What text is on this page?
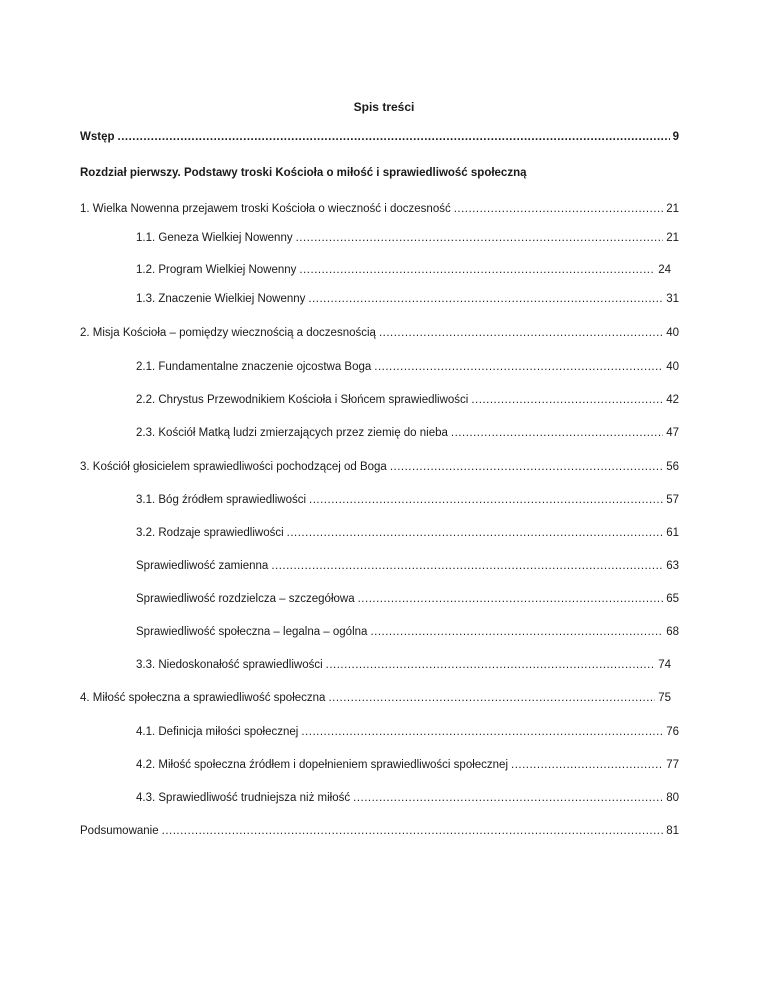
Spis treści
Wstęp .....	9
Rozdział pierwszy. Podstawy troski Kościoła o miłość i sprawiedliwość społeczną
1. Wielka Nowenna przejawem troski Kościoła o wieczność i doczesność .....	21
1.1. Geneza Wielkiej Nowenny .....	21
1.2. Program Wielkiej Nowenny .....	24
1.3. Znaczenie Wielkiej Nowenny .....	31
2. Misja Kościoła – pomiędzy wiecznością a doczesnością .....	40
2.1. Fundamentalne znaczenie ojcostwa Boga .....	40
2.2. Chrystus Przewodnikiem Kościoła i Słońcem sprawiedliwości .....	42
2.3. Kościół Matką ludzi zmierzających przez ziemię do nieba .....	47
3. Kościół głosicielem sprawiedliwości pochodzącej od Boga .....	56
3.1. Bóg źródłem sprawiedliwości .....	57
3.2. Rodzaje sprawiedliwości .....	61
Sprawiedliwość zamienna .....	63
Sprawiedliwość rozdzielcza – szczegółowa .....	65
Sprawiedliwość społeczna – legalna – ogólna .....	68
3.3. Niedoskonałość sprawiedliwości .....	74
4. Miłość społeczna a sprawiedliwość społeczna .....	75
4.1. Definicja miłości społecznej .....	76
4.2. Miłość społeczna źródłem i dopełnieniem sprawiedliwości społecznej .....	77
4.3. Sprawiedliwość trudniejsza niż miłość .....	80
Podsumowanie .....	81
